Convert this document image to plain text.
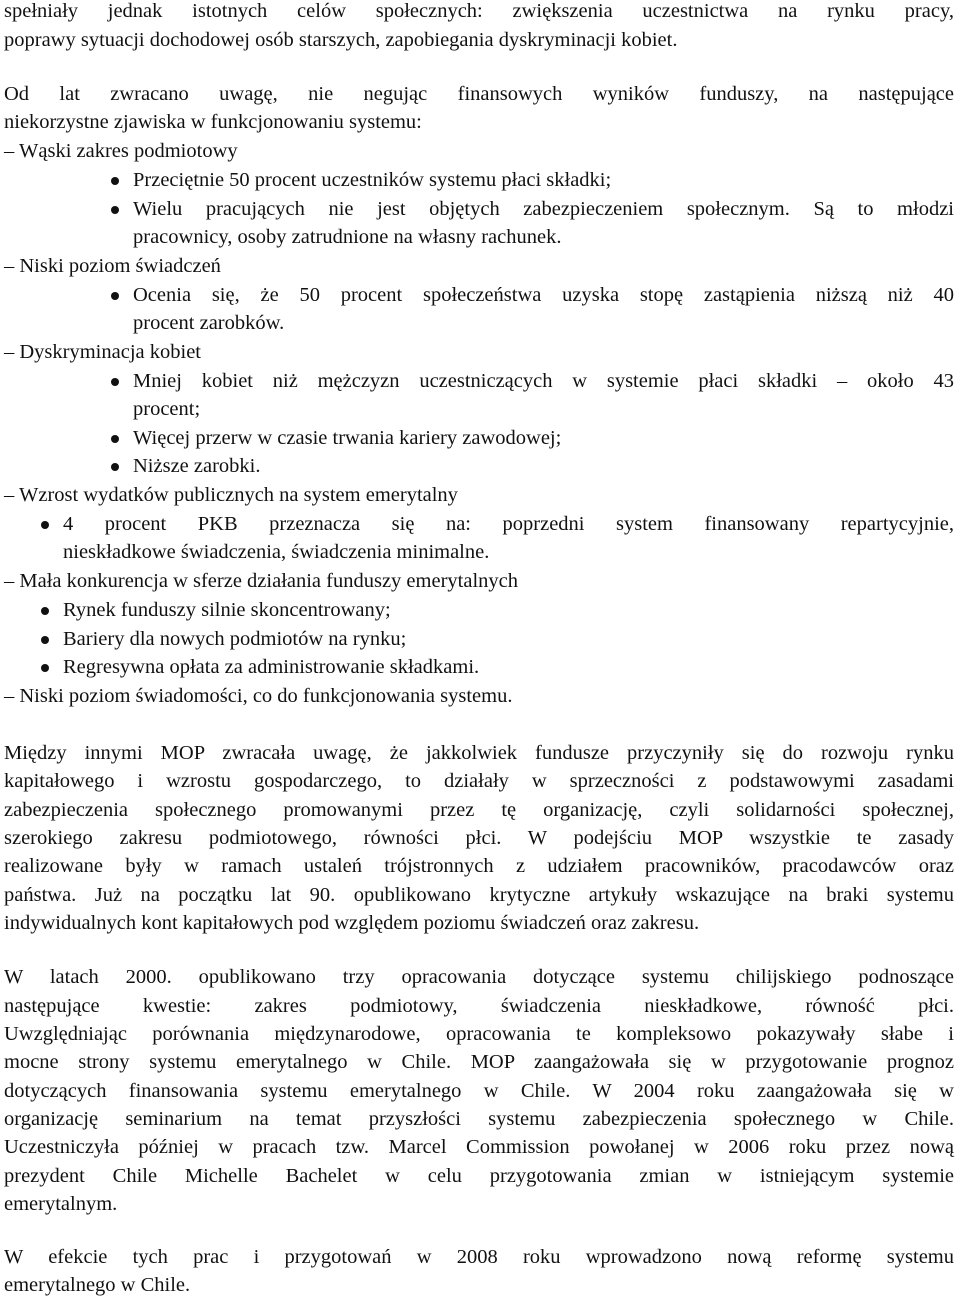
spełniały jednak istotnych celów społecznych: zwiększenia uczestnictwa na rynku pracy,
poprawy sytuacji dochodowej osób starszych, zapobiegania dyskryminacji kobiet.
Od lat zwracano uwagę, nie negując finansowych wyników funduszy, na następujące
niekorzystne zjawiska w funkcjonowaniu systemu:
– Wąski zakres podmiotowy
Przeciętnie 50 procent uczestników systemu płaci składki;
Wielu pracujących nie jest objętych zabezpieczeniem społecznym. Są to młodzi
pracownicy, osoby zatrudnione na własny rachunek.
– Niski poziom świadczeń
Ocenia się, że 50 procent społeczeństwa uzyska stopę zastąpienia niższą niż 40
procent zarobków.
– Dyskryminacja kobiet
Mniej kobiet niż mężczyzn uczestniczących w systemie płaci składki – około 43
procent;
Więcej przerw w czasie trwania kariery zawodowej;
Niższe zarobki.
– Wzrost wydatków publicznych na system emerytalny
4 procent PKB przeznacza się na: poprzedni system finansowany repartycyjnie,
nieskładkowe świadczenia, świadczenia minimalne.
– Mała konkurencja w sferze działania funduszy emerytalnych
Rynek funduszy silnie skoncentrowany;
Bariery dla nowych podmiotów na rynku;
Regresywna opłata za administrowanie składkami.
– Niski poziom świadomości, co do funkcjonowania systemu.
Między innymi MOP zwracała uwagę, że jakkolwiek fundusze przyczyniły się do rozwoju rynku
kapitałowego i wzrostu gospodarczego, to działały w sprzeczności z podstawowymi zasadami
zabezpieczenia społecznego promowanymi przez tę organizację, czyli solidarności społecznej,
szerokiego zakresu podmiotowego, równości płci. W podejściu MOP wszystkie te zasady
realizowane były w ramach ustaleń trójstronnych z udziałem pracowników, pracodawców oraz
państwa. Już na początku lat 90. opublikowano krytyczne artykuły wskazujące na braki systemu
indywidualnych kont kapitałowych pod względem poziomu świadczeń oraz zakresu.
W latach 2000. opublikowano trzy opracowania dotyczące systemu chilijskiego podnoszące
następujące kwestie: zakres podmiotowy, świadczenia nieskładkowe, równość płci.
Uwzględniając porównania międzynarodowe, opracowania te kompleksowo pokazywały słabe i
mocne strony systemu emerytalnego w Chile. MOP zaangażowała się w przygotowanie prognoz
dotyczących finansowania systemu emerytalnego w Chile. W 2004 roku zaangażowała się w
organizację seminarium na temat przyszłości systemu zabezpieczenia społecznego w Chile.
Uczestniczyła później w pracach tzw. Marcel Commission powołanej w 2006 roku przez nową
prezydent Chile Michelle Bachelet w celu przygotowania zmian w istniejącym systemie
emerytalnym.
W efekcie tych prac i przygotowań w 2008 roku wprowadzono nową reformę systemu
emerytalnego w Chile.
